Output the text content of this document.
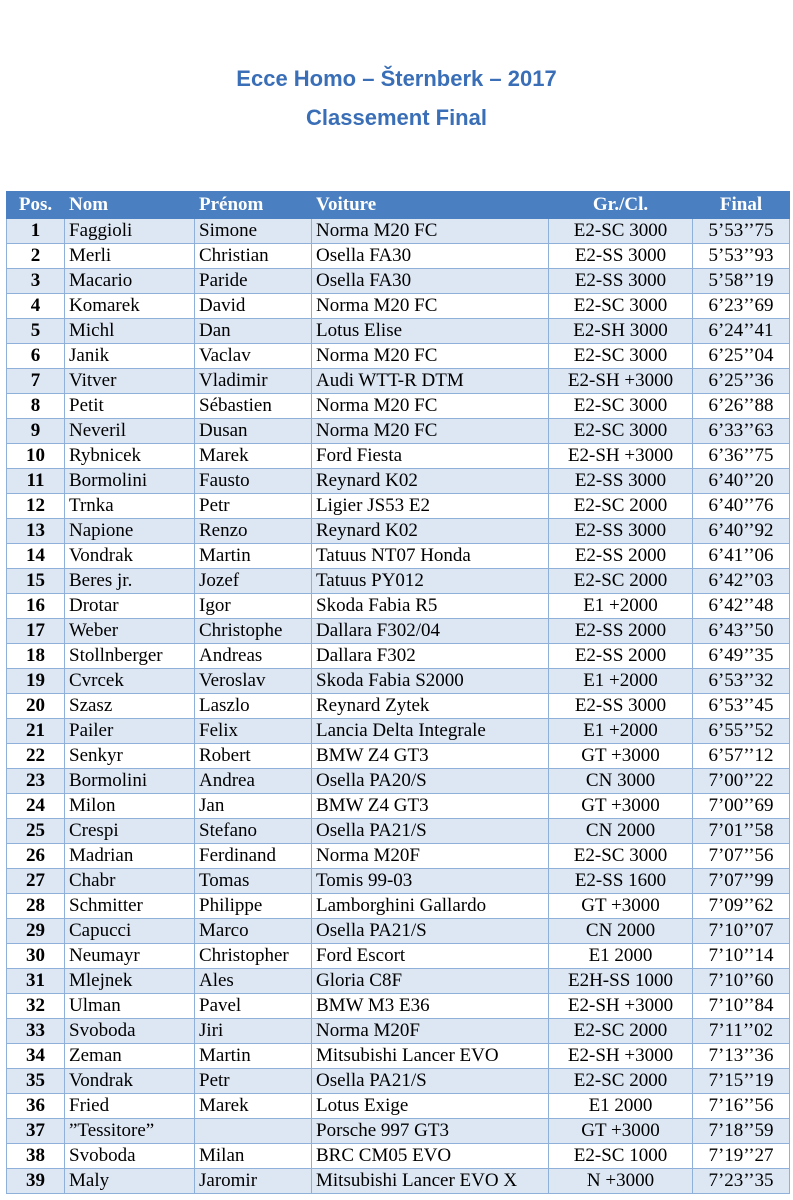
Ecce Homo – Šternberk – 2017
Classement Final
Pos.	Nom	Prénom	Voiture	Gr./Cl.	Final
1	Faggioli	Simone	Norma M20 FC	E2-SC 3000	5’53’’75
2	Merli	Christian	Osella FA30	E2-SS 3000	5’53’’93
3	Macario	Paride	Osella FA30	E2-SS 3000	5’58’’19
4	Komarek	David	Norma M20 FC	E2-SC 3000	6’23’’69
5	Michl	Dan	Lotus Elise	E2-SH 3000	6’24’’41
6	Janik	Vaclav	Norma M20 FC	E2-SC 3000	6’25’’04
7	Vitver	Vladimir	Audi WTT-R DTM	E2-SH +3000	6’25’’36
8	Petit	Sébastien	Norma M20 FC	E2-SC 3000	6’26’’88
9	Neveril	Dusan	Norma M20 FC	E2-SC 3000	6’33’’63
10	Rybnicek	Marek	Ford Fiesta	E2-SH +3000	6’36’’75
11	Bormolini	Fausto	Reynard K02	E2-SS 3000	6’40’’20
12	Trnka	Petr	Ligier JS53 E2	E2-SC 2000	6’40’’76
13	Napione	Renzo	Reynard K02	E2-SS 3000	6’40’’92
14	Vondrak	Martin	Tatuus NT07 Honda	E2-SS 2000	6’41’’06
15	Beres jr.	Jozef	Tatuus PY012	E2-SC 2000	6’42’’03
16	Drotar	Igor	Skoda Fabia R5	E1 +2000	6’42’’48
17	Weber	Christophe	Dallara F302/04	E2-SS 2000	6’43’’50
18	Stollnberger	Andreas	Dallara F302	E2-SS 2000	6’49’’35
19	Cvrcek	Veroslav	Skoda Fabia S2000	E1 +2000	6’53’’32
20	Szasz	Laszlo	Reynard Zytek	E2-SS 3000	6’53’’45
21	Pailer	Felix	Lancia Delta Integrale	E1 +2000	6’55’’52
22	Senkyr	Robert	BMW Z4 GT3	GT +3000	6’57’’12
23	Bormolini	Andrea	Osella PA20/S	CN 3000	7’00’’22
24	Milon	Jan	BMW Z4 GT3	GT +3000	7’00’’69
25	Crespi	Stefano	Osella PA21/S	CN 2000	7’01’’58
26	Madrian	Ferdinand	Norma M20F	E2-SC 3000	7’07’’56
27	Chabr	Tomas	Tomis 99-03	E2-SS 1600	7’07’’99
28	Schmitter	Philippe	Lamborghini Gallardo	GT +3000	7’09’’62
29	Capucci	Marco	Osella PA21/S	CN 2000	7’10’’07
30	Neumayr	Christopher	Ford Escort	E1 2000	7’10’’14
31	Mlejnek	Ales	Gloria C8F	E2H-SS 1000	7’10’’60
32	Ulman	Pavel	BMW M3 E36	E2-SH +3000	7’10’’84
33	Svoboda	Jiri	Norma M20F	E2-SC 2000	7’11’’02
34	Zeman	Martin	Mitsubishi Lancer EVO	E2-SH +3000	7’13’’36
35	Vondrak	Petr	Osella PA21/S	E2-SC 2000	7’15’’19
36	Fried	Marek	Lotus Exige	E1 2000	7’16’’56
37	”Tessitore”		Porsche 997 GT3	GT +3000	7’18’’59
38	Svoboda	Milan	BRC CM05 EVO	E2-SC 1000	7’19’’27
39	Maly	Jaromir	Mitsubishi Lancer EVO X	N +3000	7’23’’35
